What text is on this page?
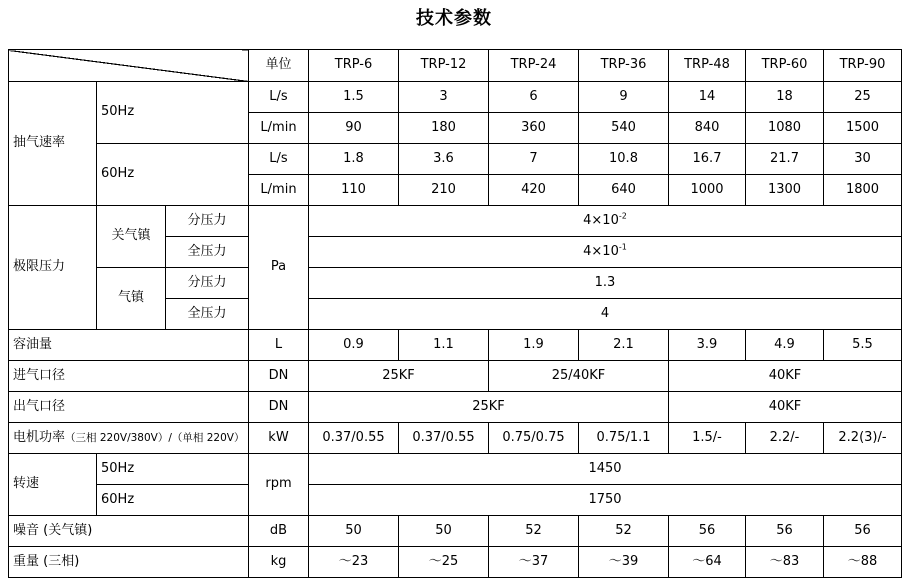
技术参数
			单位	TRP-6	TRP-12	TRP-24	TRP-36	TRP-48	TRP-60	TRP-90
抽气速率	50Hz		L/s	1.5	3	6	9	14	18	25
			L/min	90	180	360	540	840	1080	1500
	60Hz		L/s	1.8	3.6	7	10.8	16.7	21.7	30
			L/min	110	210	420	640	1000	1300	1800
极限压力	关气镇	分压力	Pa	$4\times 10^{-2}$
		全压力		$4\times 10^{-1}$
	气镇	分压力		1.3						
		全压力		4						
容油量			L	0.9	1.1	1.9	2.1	3.9	4.9	5.5
进气口径			DN	25KF		25/40KF		40KF		
出气口径			DN	25KF				40KF		
电机功率（三相 220V/380V）/（单相 220V）			kW	0.37/0.55	0.37/0.55	0.75/0.75	0.75/1.1	1.5/-	2.2/-	2.2(3)/-
转速	50Hz		rpm	1450						
	60Hz			1750						
噪音 (关气镇)			dB	50	50	52	52	56	56	56
重量 (三相)			kg	～23	～25	～37	～39	～64	～83	～88
